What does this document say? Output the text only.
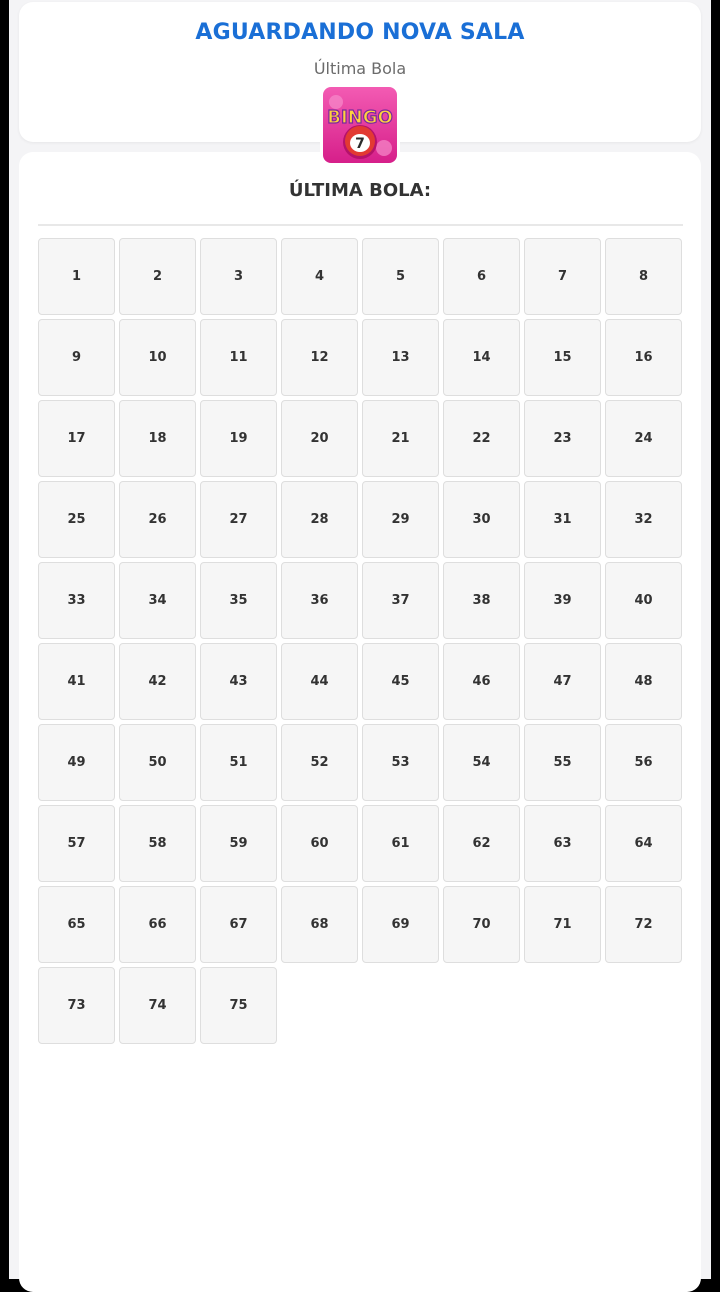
AGUARDANDO NOVA SALA
Última Bola
7
BINGO
ÚLTIMA BOLA:
1	2	3	4	5	6	7	8
9	10	11	12	13	14	15	16
17	18	19	20	21	22	23	24
25	26	27	28	29	30	31	32
33	34	35	36	37	38	39	40
41	42	43	44	45	46	47	48
49	50	51	52	53	54	55	56
57	58	59	60	61	62	63	64
65	66	67	68	69	70	71	72
73	74	75
